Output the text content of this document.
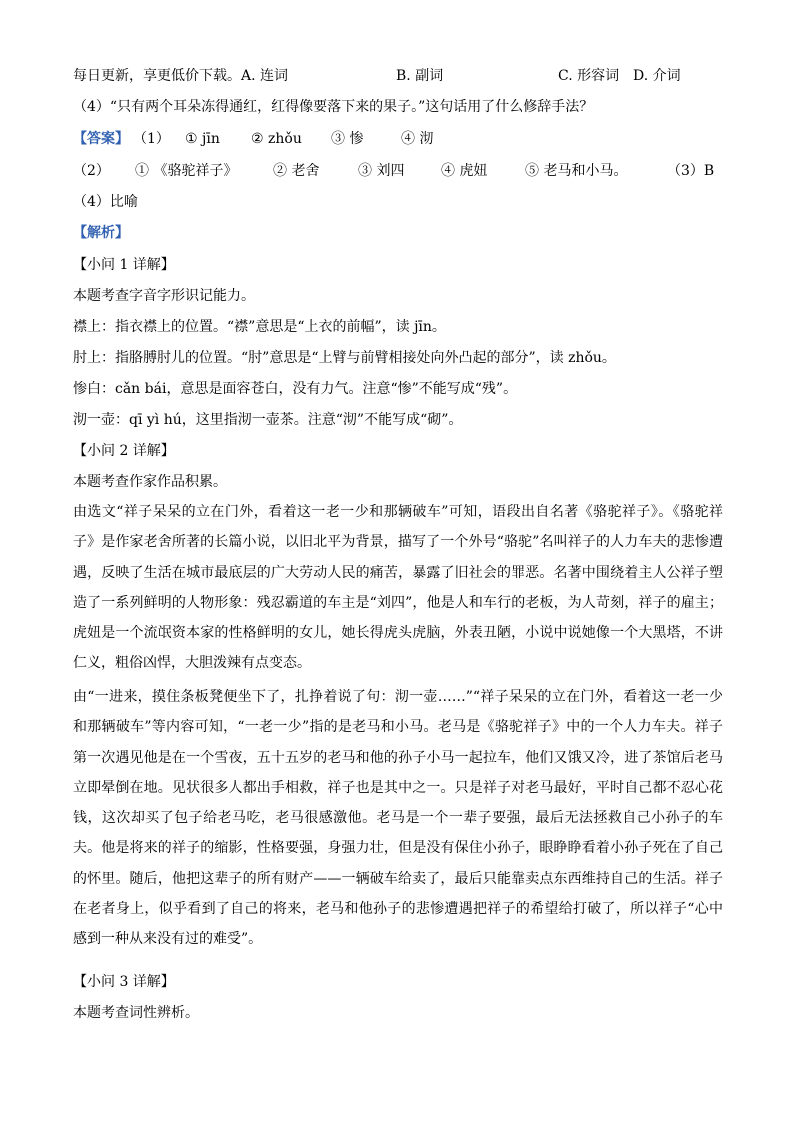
每日更新，享更低价下载。 A. 连词	B. 副词	C. 形容词 D. 介词
（4）“只有两个耳朵冻得通红，红得像要落下来的果子。”这句话用了什么修辞手法？
【答案】 （1） ① jīn ② zhǒu ③ 惨	④ 沏
（2） ① 《骆驼祥子》	② 老舍	③ 刘四	④ 虎妞	⑤ 老马和小马。	（3）B
（4）比喻
【解析】
【小问 1 详解】
本题考查字音字形识记能力。
襟上：指衣襟上的位置。“襟”意思是“上衣的前幅”，读 jīn。
肘上：指胳膊肘儿的位置。“肘”意思是“上臂与前臂相接处向外凸起的部分”，读 zhǒu。
惨白：cǎn bái，意思是面容苍白，没有力气。注意“惨”不能写成“残”。
沏一壶：qī yì hú，这里指沏一壶茶。注意“沏”不能写成“砌”。
【小问 2 详解】
本题考查作家作品积累。
由选文“祥子呆呆的立在门外，看着这一老一少和那辆破车”可知，语段出自名著《骆驼祥子》。《骆驼祥子》是作家老舍所著的长篇小说，以旧北平为背景，描写了一个外号“骆驼”名叫祥子的人力车夫的悲惨遭遇，反映了生活在城市最底层的广大劳动人民的痛苦，暴露了旧社会的罪恶。名著中围绕着主人公祥子塑造了一系列鲜明的人物形象：残忍霸道的车主是“刘四”，他是人和车行的老板，为人苛刻，祥子的雇主；虎妞是一个流氓资本家的性格鲜明的女儿，她长得虎头虎脑，外表丑陋，小说中说她像一个大黑塔，不讲仁义，粗俗凶悍，大胆泼辣有点变态。
由“一进来，摸住条板凳便坐下了，扎挣着说了句：沏一壶……”“祥子呆呆的立在门外，看着这一老一少和那辆破车”等内容可知，“一老一少”指的是老马和小马。老马是《骆驼祥子》中的一个人力车夫。祥子第一次遇见他是在一个雪夜，五十五岁的老马和他的孙子小马一起拉车，他们又饿又冷，进了茶馆后老马立即晕倒在地。见状很多人都出手相救，祥子也是其中之一。只是祥子对老马最好，平时自己都不忍心花钱，这次却买了包子给老马吃，老马很感激他。老马是一个一辈子要强，最后无法拯救自己小孙子的车夫。他是将来的祥子的缩影，性格要强，身强力壮，但是没有保住小孙子，眼睁睁看着小孙子死在了自己的怀里。随后，他把这辈子的所有财产——一辆破车给卖了，最后只能靠卖点东西维持自己的生活。祥子在老者身上，似乎看到了自己的将来，老马和他孙子的悲惨遭遇把祥子的希望给打破了，所以祥子“心中感到一种从来没有过的难受”。
【小问 3 详解】
本题考查词性辨析。
